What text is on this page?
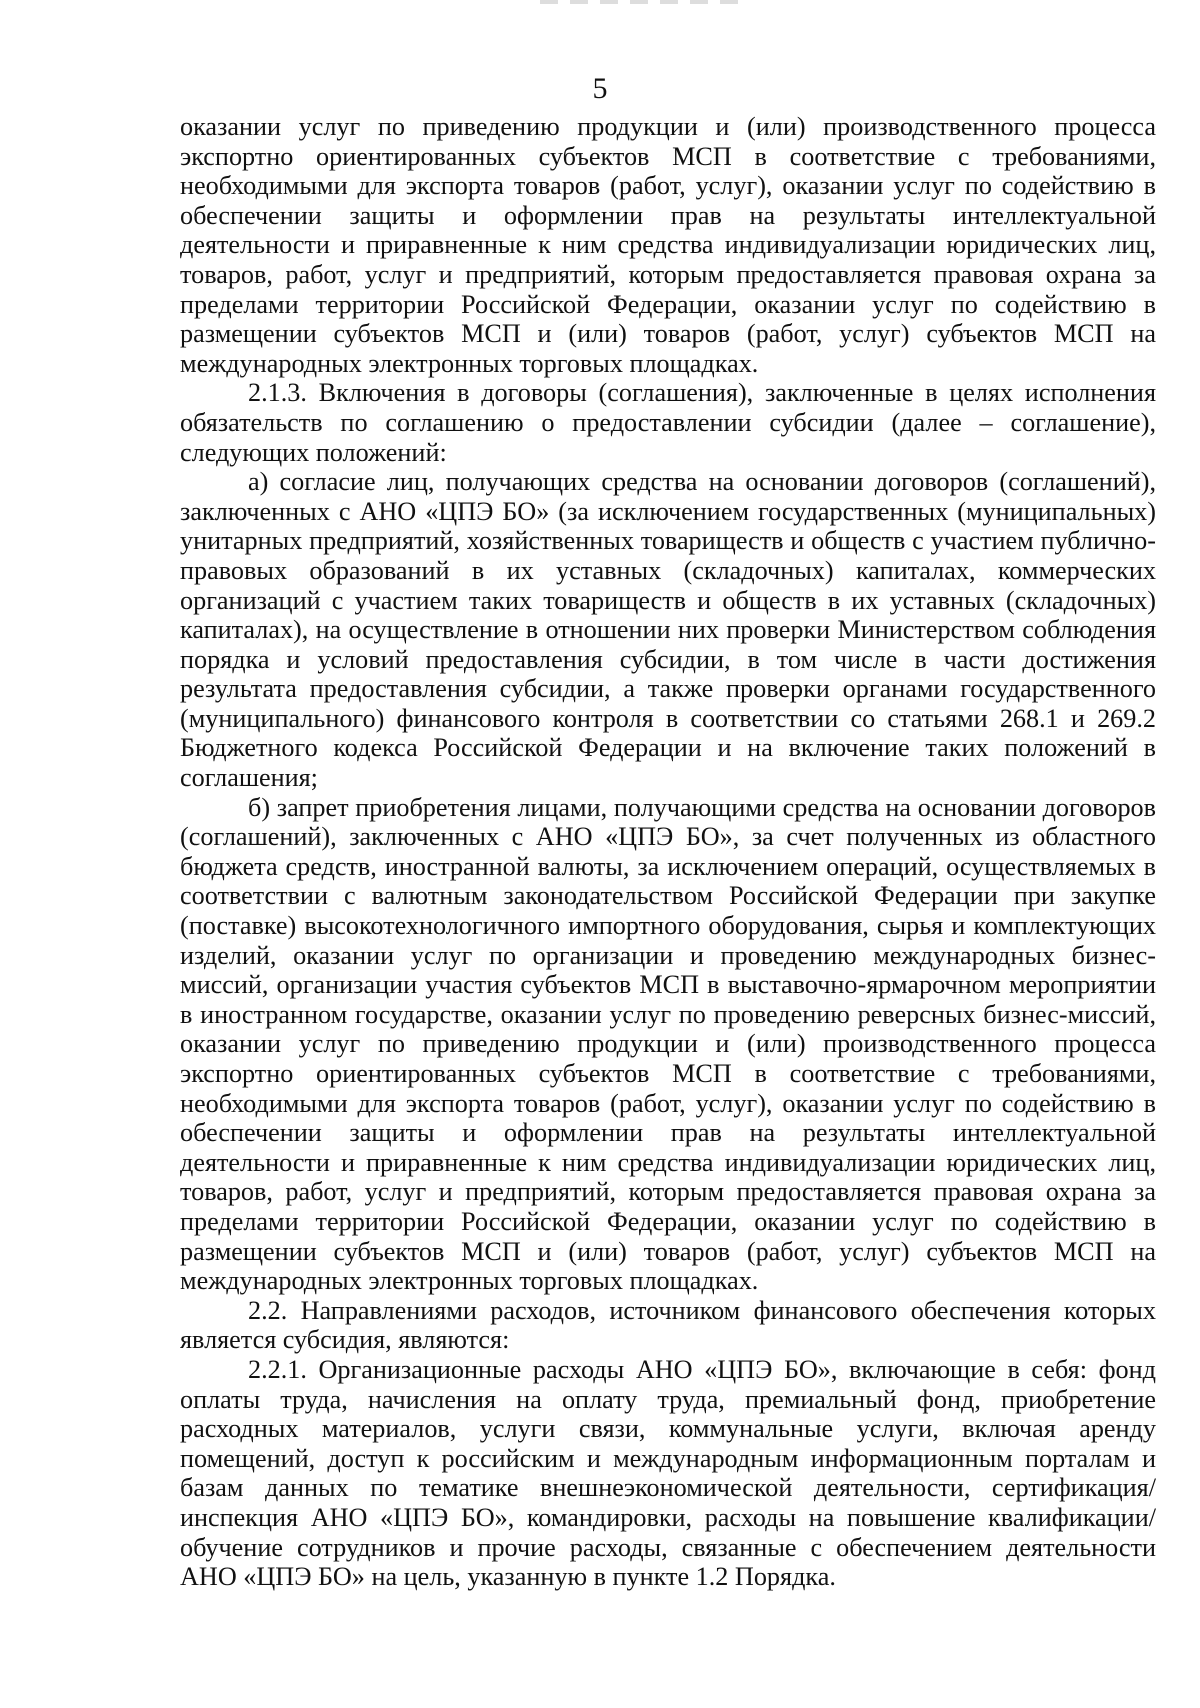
5

оказании услуг по приведению продукции и (или) производственного процесса экспортно ориентированных субъектов МСП в соответствие с требованиями, необходимыми для экспорта товаров (работ, услуг), оказании услуг по содействию в обеспечении защиты и оформлении прав на результаты интеллектуальной деятельности и приравненные к ним средства индивидуализации юридических лиц, товаров, работ, услуг и предприятий, которым предоставляется правовая охрана за пределами территории Российской Федерации, оказании услуг по содействию в размещении субъектов МСП и (или) товаров (работ, услуг) субъектов МСП на международных электронных торговых площадках.

2.1.3. Включения в договоры (соглашения), заключенные в целях исполнения обязательств по соглашению о предоставлении субсидии (далее – соглашение), следующих положений:

а) согласие лиц, получающих средства на основании договоров (соглашений), заключенных с АНО «ЦПЭ БО» (за исключением государственных (муниципальных) унитарных предприятий, хозяйственных товариществ и обществ с участием публично-правовых образований в их уставных (складочных) капиталах, коммерческих организаций с участием таких товариществ и обществ в их уставных (складочных) капиталах), на осуществление в отношении них проверки Министерством соблюдения порядка и условий предоставления субсидии, в том числе в части достижения результата предоставления субсидии, а также проверки органами государственного (муниципального) финансового контроля в соответствии со статьями 268.1 и 269.2 Бюджетного кодекса Российской Федерации и на включение таких положений в соглашения;

б) запрет приобретения лицами, получающими средства на основании договоров (соглашений), заключенных с АНО «ЦПЭ БО», за счет полученных из областного бюджета средств, иностранной валюты, за исключением операций, осуществляемых в соответствии с валютным законодательством Российской Федерации при закупке (поставке) высокотехнологичного импортного оборудования, сырья и комплектующих изделий, оказании услуг по организации и проведению международных бизнес-миссий, организации участия субъектов МСП в выставочно-ярмарочном мероприятии в иностранном государстве, оказании услуг по проведению реверсных бизнес-миссий, оказании услуг по приведению продукции и (или) производственного процесса экспортно ориентированных субъектов МСП в соответствие с требованиями, необходимыми для экспорта товаров (работ, услуг), оказании услуг по содействию в обеспечении защиты и оформлении прав на результаты интеллектуальной деятельности и приравненные к ним средства индивидуализации юридических лиц, товаров, работ, услуг и предприятий, которым предоставляется правовая охрана за пределами территории Российской Федерации, оказании услуг по содействию в размещении субъектов МСП и (или) товаров (работ, услуг) субъектов МСП на международных электронных торговых площадках.

2.2. Направлениями расходов, источником финансового обеспечения которых является субсидия, являются:

2.2.1. Организационные расходы АНО «ЦПЭ БО», включающие в себя: фонд оплаты труда, начисления на оплату труда, премиальный фонд, приобретение расходных материалов, услуги связи, коммунальные услуги, включая аренду помещений, доступ к российским и международным информационным порталам и базам данных по тематике внешнеэкономической деятельности, сертификация/инспекция АНО «ЦПЭ БО», командировки, расходы на повышение квалификации/обучение сотрудников и прочие расходы, связанные с обеспечением деятельности АНО «ЦПЭ БО» на цель, указанную в пункте 1.2 Порядка.
